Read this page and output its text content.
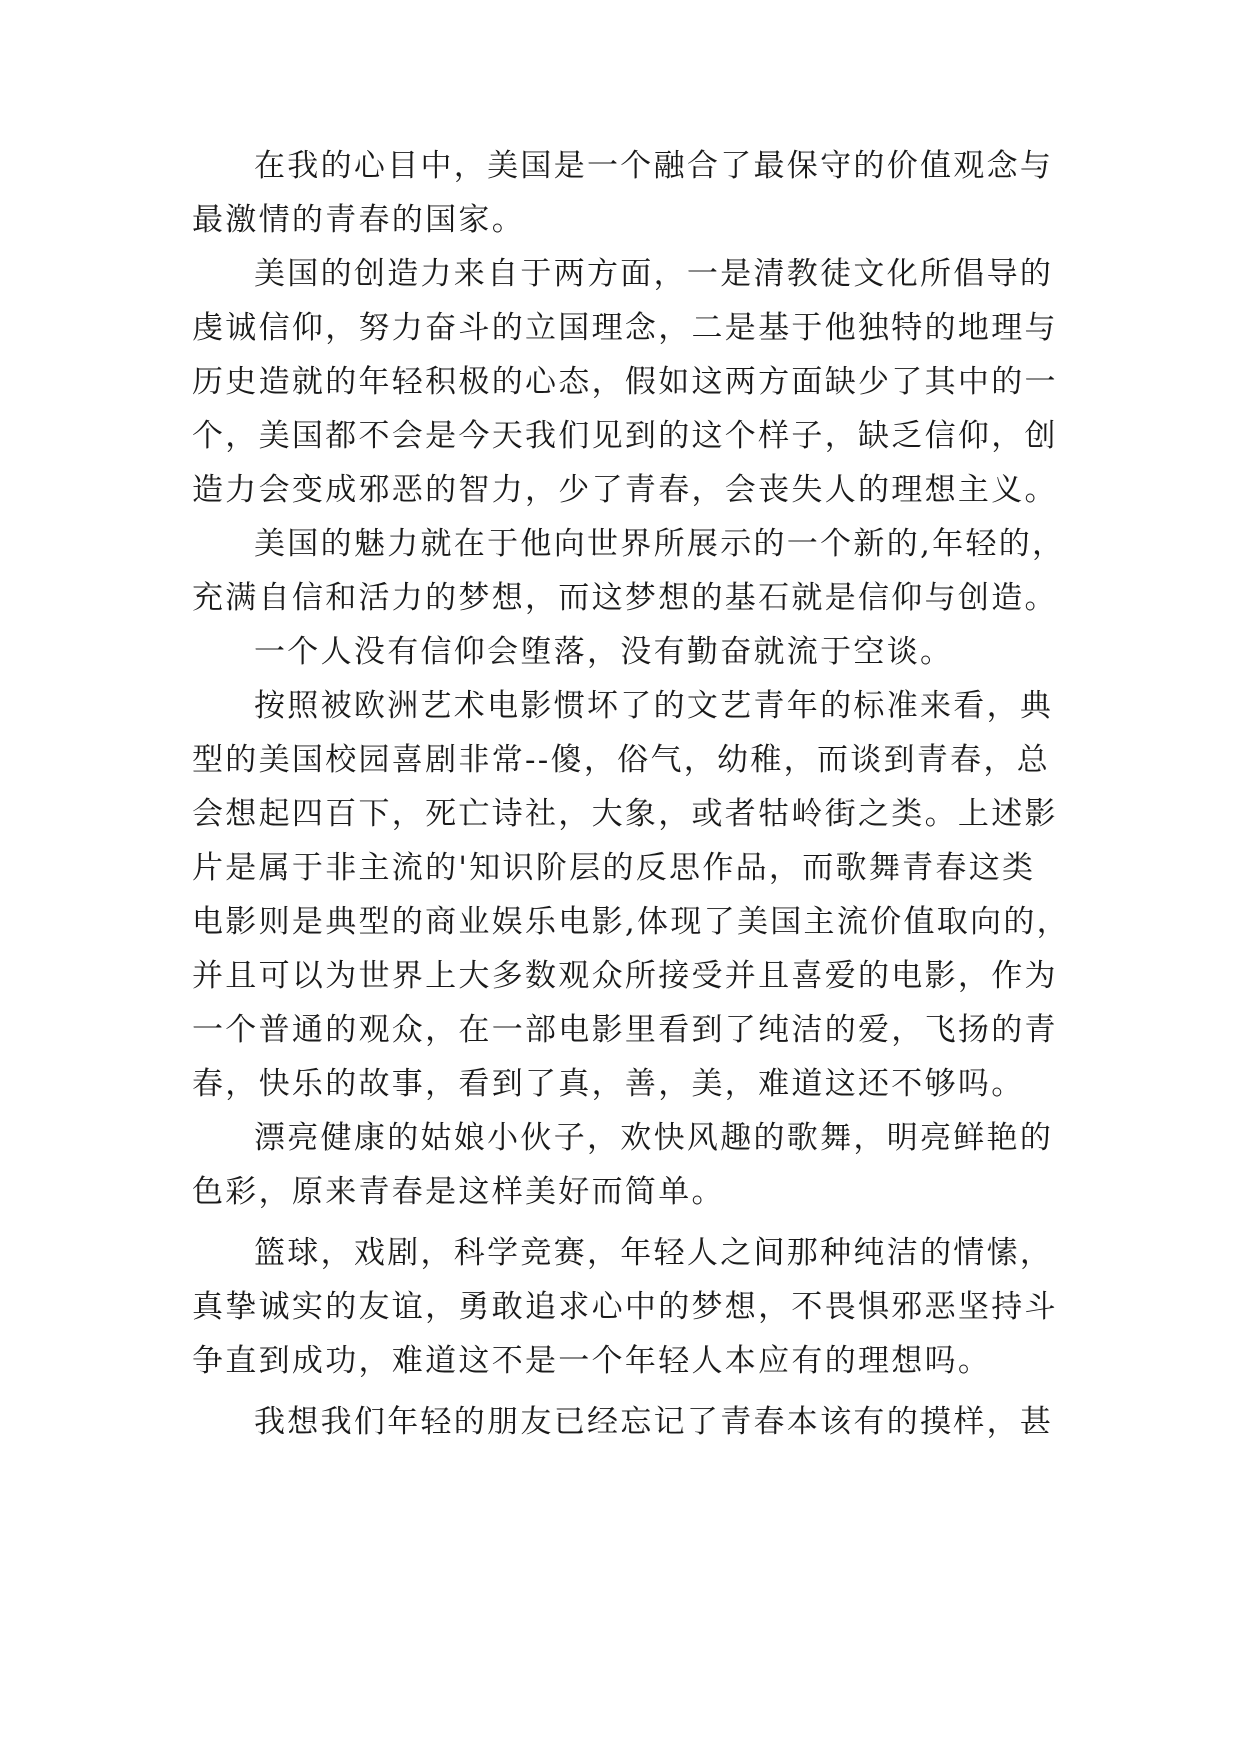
在我的心目中，美国是一个融合了最保守的价值观念与
最激情的青春的国家。
美国的创造力来自于两方面，一是清教徒文化所倡导的
虔诚信仰，努力奋斗的立国理念，二是基于他独特的地理与
历史造就的年轻积极的心态，假如这两方面缺少了其中的一
个，美国都不会是今天我们见到的这个样子，缺乏信仰，创
造力会变成邪恶的智力，少了青春，会丧失人的理想主义。
美国的魅力就在于他向世界所展示的一个新的,年轻的，
充满自信和活力的梦想，而这梦想的基石就是信仰与创造。
一个人没有信仰会堕落，没有勤奋就流于空谈。
按照被欧洲艺术电影惯坏了的文艺青年的标准来看，典
型的美国校园喜剧非常--傻，俗气，幼稚，而谈到青春，总
会想起四百下，死亡诗社，大象，或者牯岭街之类。上述影
片是属于非主流的'知识阶层的反思作品，而歌舞青春这类
电影则是典型的商业娱乐电影,体现了美国主流价值取向的，
并且可以为世界上大多数观众所接受并且喜爱的电影，作为
一个普通的观众，在一部电影里看到了纯洁的爱，飞扬的青
春，快乐的故事，看到了真，善，美，难道这还不够吗。
漂亮健康的姑娘小伙子，欢快风趣的歌舞，明亮鲜艳的
色彩，原来青春是这样美好而简单。
篮球，戏剧，科学竞赛，年轻人之间那种纯洁的情愫，
真挚诚实的友谊，勇敢追求心中的梦想，不畏惧邪恶坚持斗
争直到成功，难道这不是一个年轻人本应有的理想吗。
我想我们年轻的朋友已经忘记了青春本该有的摸样，甚
